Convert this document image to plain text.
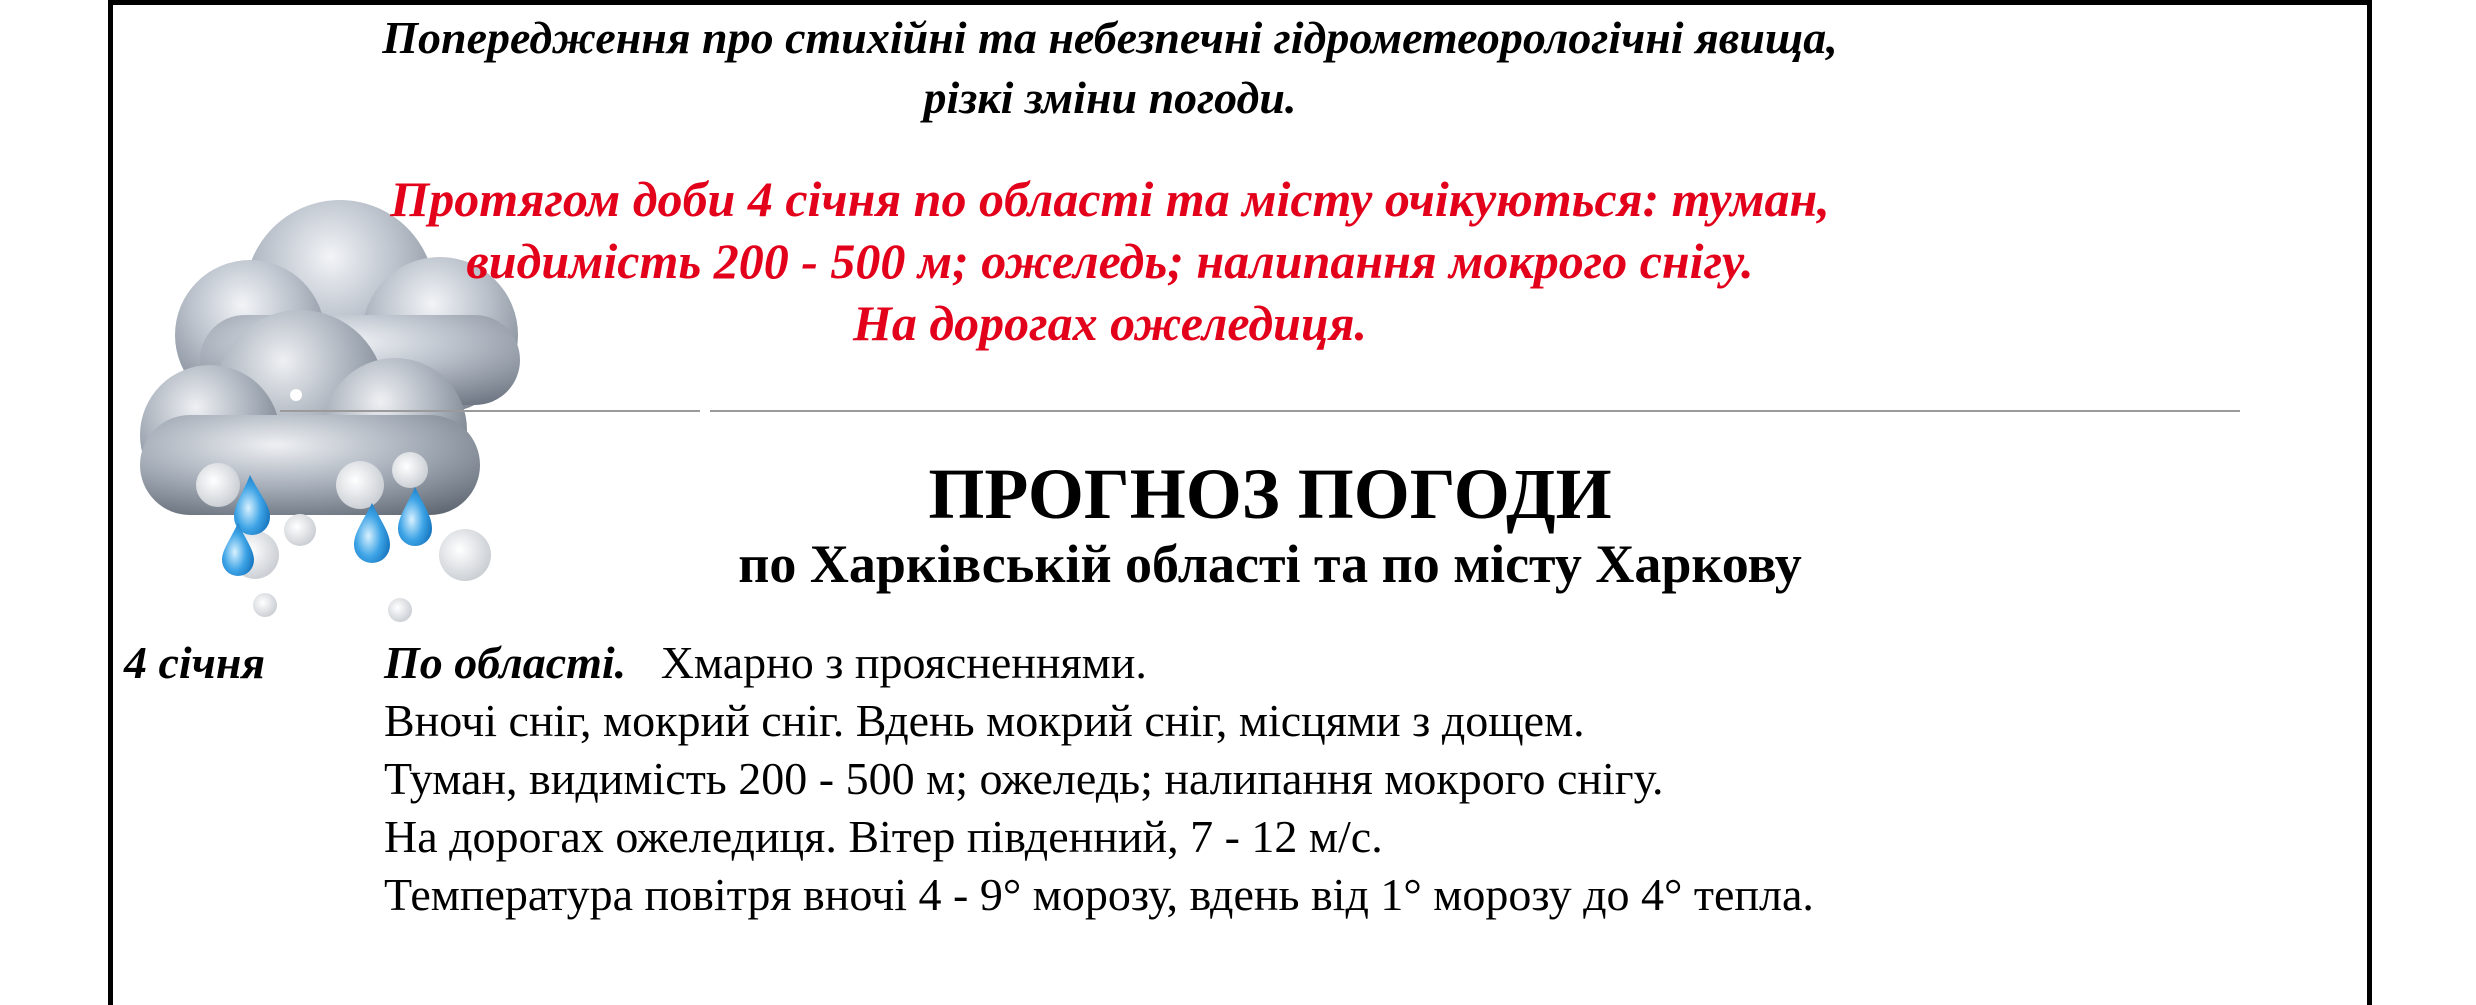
Попередження про стихійні та небезпечні гідрометеорологічні явища,
різкі зміни погоди.
Протягом доби 4 січня по області та місту очікуються: туман,
видимість 200 - 500 м; ожеледь; налипання мокрого снігу.
На дорогах ожеледиця.
ПРОГНОЗ ПОГОДИ
по Харківській області та по місту Харкову
4 січня	По області. Хмарно з проясненнями.
Вночі сніг, мокрий сніг. Вдень мокрий сніг, місцями з дощем.
Туман, видимість 200 - 500 м; ожеледь; налипання мокрого снігу.
На дорогах ожеледиця. Вітер південний, 7 - 12 м/с.
Температура повітря вночі 4 - 9° морозу, вдень від 1° морозу до 4° тепла.
